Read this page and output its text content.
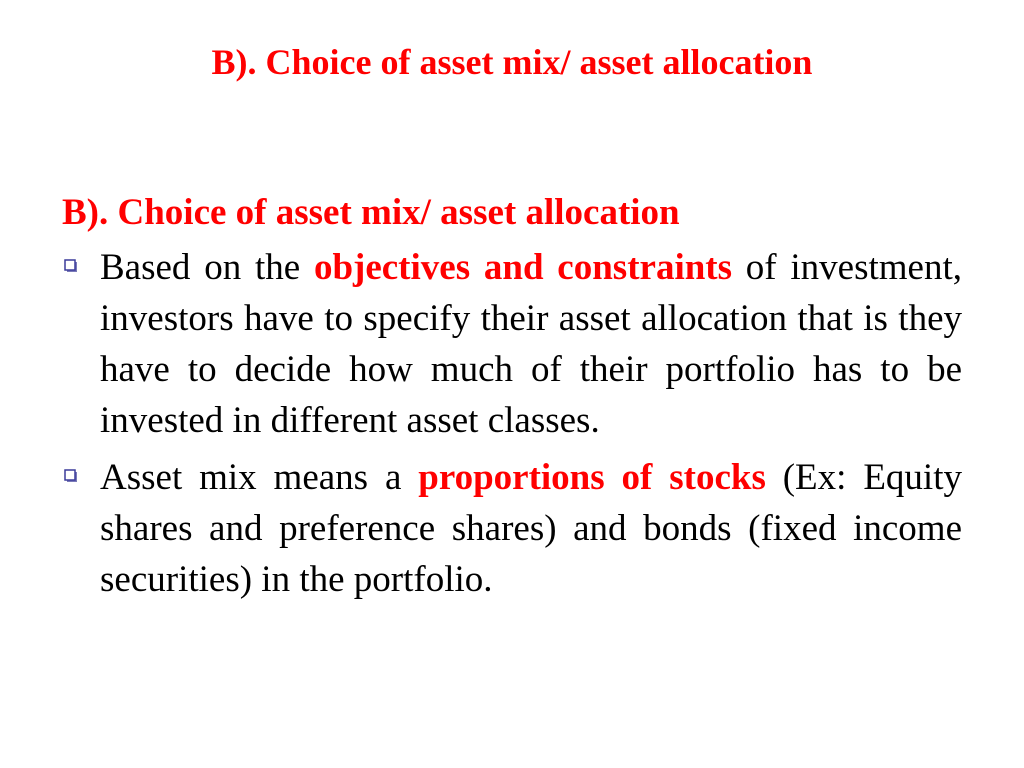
B). Choice of asset mix/ asset allocation

B). Choice of asset mix/ asset allocation

Based on the objectives and constraints of investment, investors have to specify their asset allocation that is they have to decide how much of their portfolio has to be invested in different asset classes.
Asset mix means a proportions of stocks (Ex: Equity shares and preference shares) and bonds (fixed income securities) in the portfolio.
